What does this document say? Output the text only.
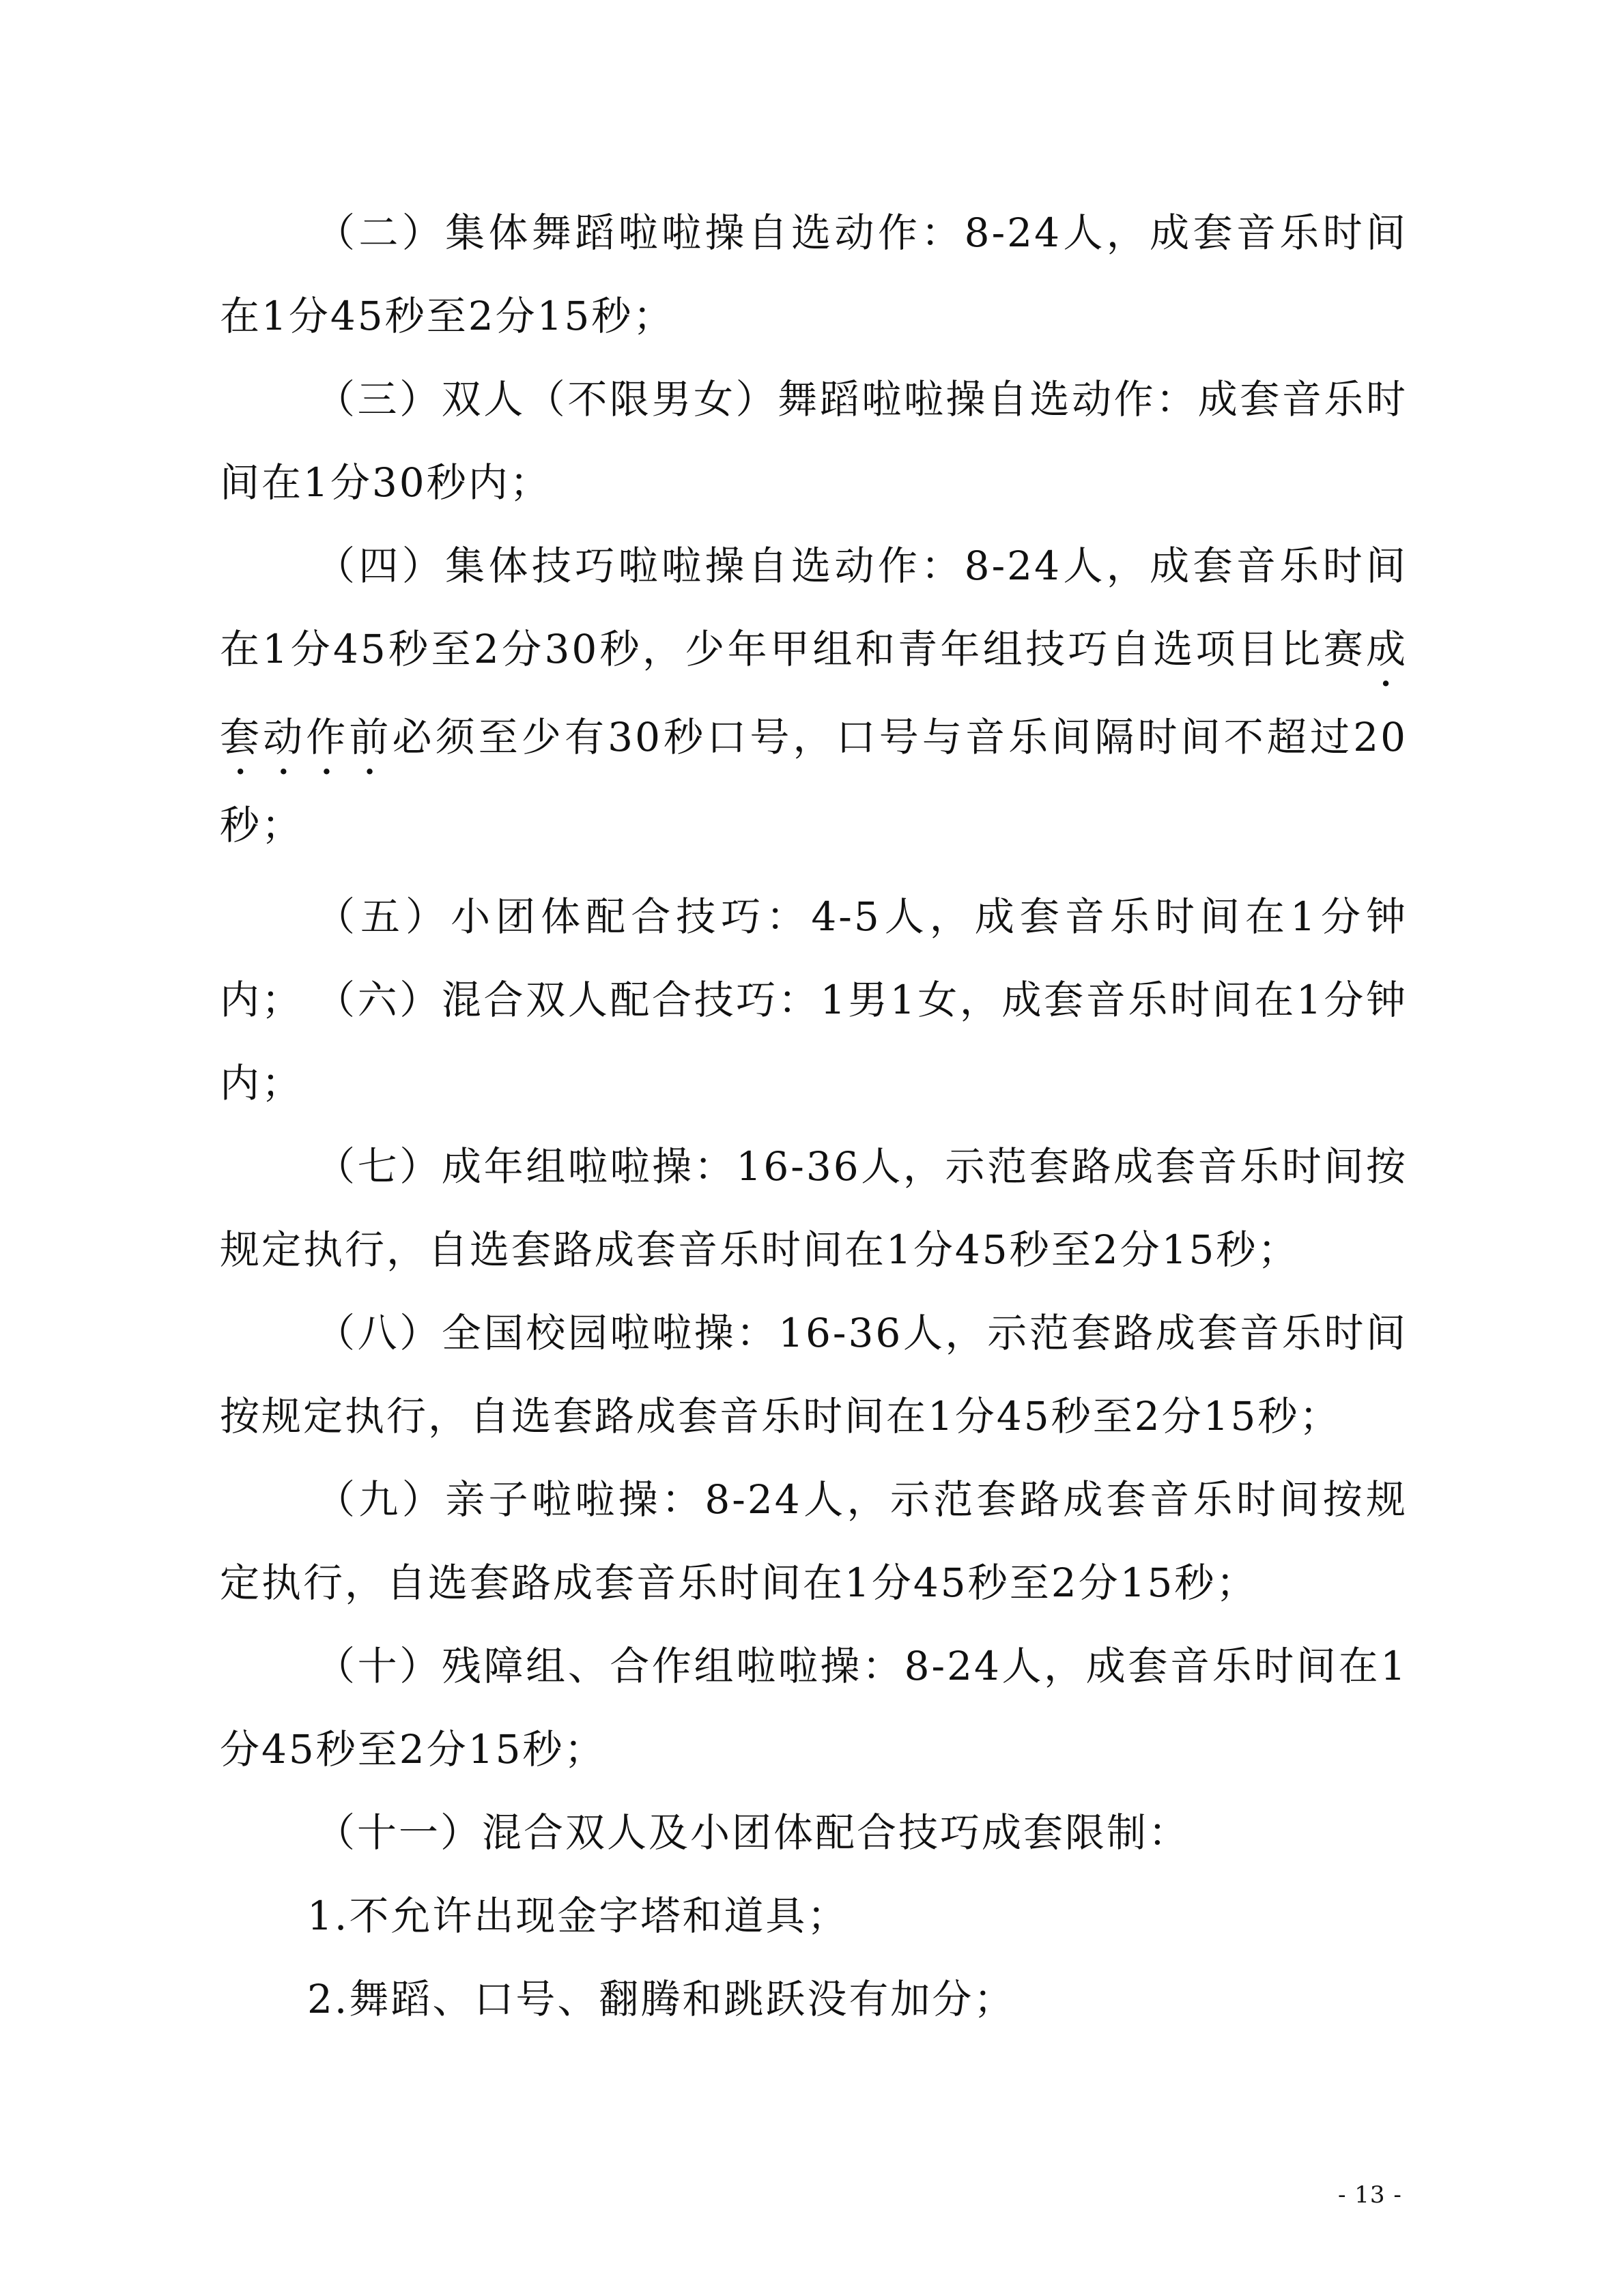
（二）集体舞蹈啦啦操自选动作：8-24人，成套音乐时间在1分45秒至2分15秒；

（三）双人（不限男女）舞蹈啦啦操自选动作：成套音乐时间在1分30秒内；

（四）集体技巧啦啦操自选动作：8-24人，成套音乐时间在1分45秒至2分30秒，少年甲组和青年组技巧自选项目比赛成套动作前必须至少有30秒口号，口号与音乐间隔时间不超过20秒；

（五）小团体配合技巧：4-5人，成套音乐时间在1分钟内； （六）混合双人配合技巧：1男1女，成套音乐时间在1分钟内；

（七）成年组啦啦操：16-36人，示范套路成套音乐时间按规定执行，自选套路成套音乐时间在1分45秒至2分15秒；

（八）全国校园啦啦操：16-36人，示范套路成套音乐时间按规定执行，自选套路成套音乐时间在1分45秒至2分15秒；

（九）亲子啦啦操：8-24人，示范套路成套音乐时间按规定执行，自选套路成套音乐时间在1分45秒至2分15秒；

（十）残障组、合作组啦啦操：8-24人，成套音乐时间在1分45秒至2分15秒；

（十一）混合双人及小团体配合技巧成套限制：

1.不允许出现金字塔和道具；

2.舞蹈、口号、翻腾和跳跃没有加分；

- 13 -
